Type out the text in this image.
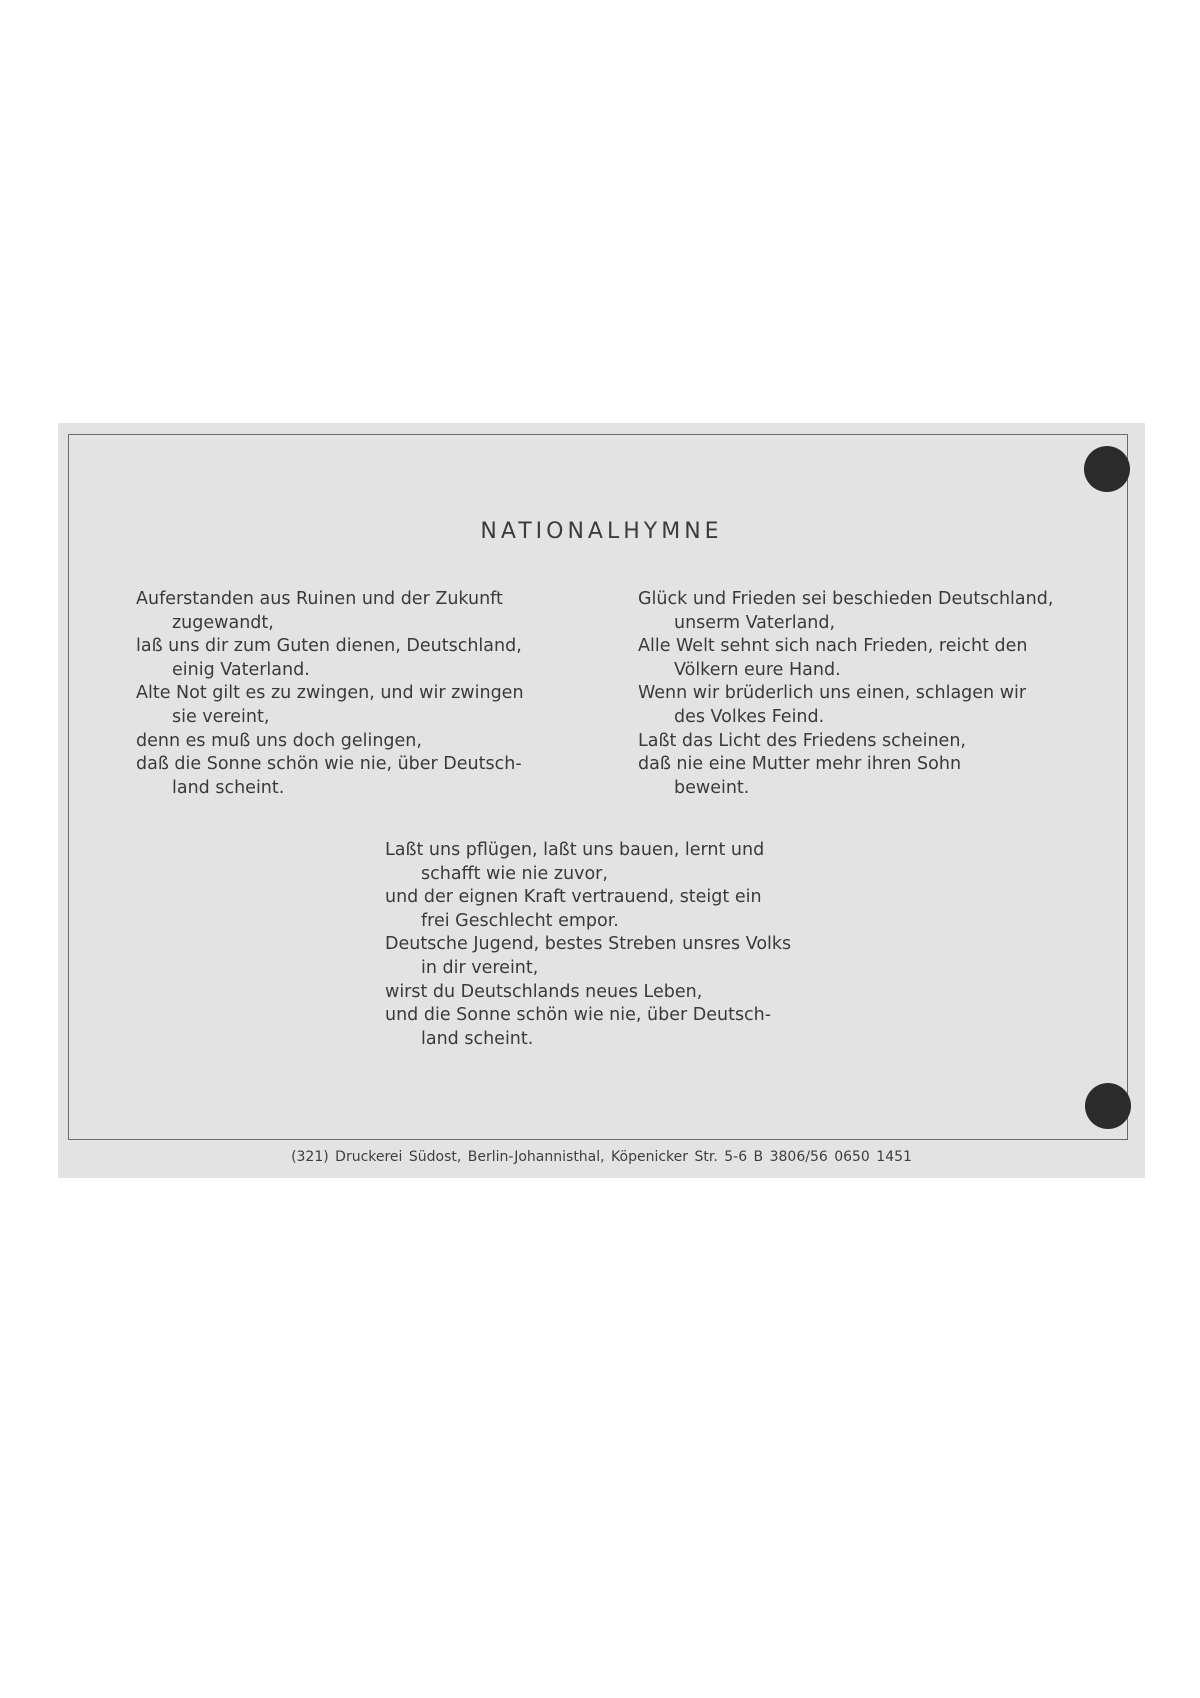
NATIONALHYMNE
Auferstanden aus Ruinen und der Zukunft
zugewandt,
laß uns dir zum Guten dienen, Deutschland,
einig Vaterland.
Alte Not gilt es zu zwingen, und wir zwingen
sie vereint,
denn es muß uns doch gelingen,
daß die Sonne schön wie nie, über Deutsch-
land scheint.
Glück und Frieden sei beschieden Deutschland,
unserm Vaterland,
Alle Welt sehnt sich nach Frieden, reicht den
Völkern eure Hand.
Wenn wir brüderlich uns einen, schlagen wir
des Volkes Feind.
Laßt das Licht des Friedens scheinen,
daß nie eine Mutter mehr ihren Sohn
beweint.
Laßt uns pflügen, laßt uns bauen, lernt und
schafft wie nie zuvor,
und der eignen Kraft vertrauend, steigt ein
frei Geschlecht empor.
Deutsche Jugend, bestes Streben unsres Volks
in dir vereint,
wirst du Deutschlands neues Leben,
und die Sonne schön wie nie, über Deutsch-
land scheint.
(321) Druckerei Südost, Berlin-Johannisthal, Köpenicker Str. 5-6 B 3806/56 0650 1451
